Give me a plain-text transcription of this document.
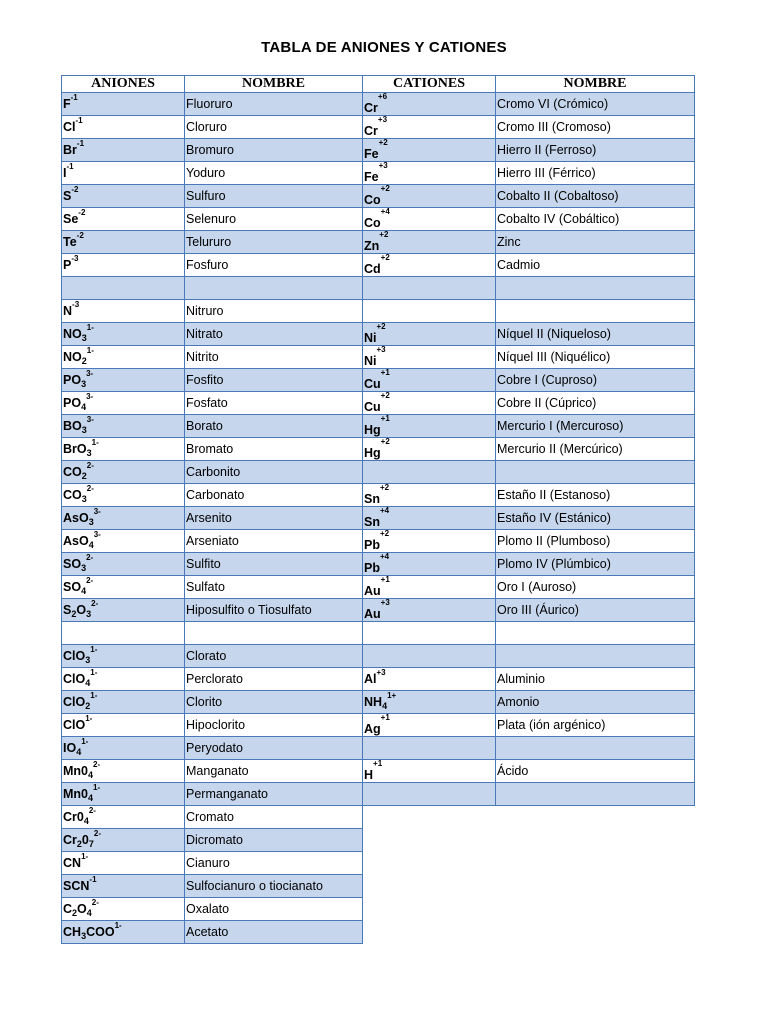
TABLA DE ANIONES Y CATIONES
ANIONES	NOMBRE	CATIONES	NOMBRE
$F^{-1}$	Fluoruro	$Cr^{+6}$	Cromo VI (Crómico)
$Cl^{-1}$	Cloruro	$Cr^{+3}$	Cromo III (Cromoso)
$Br^{-1}$	Bromuro	$Fe^{+2}$	Hierro II (Ferroso)
$I^{-1}$	Yoduro	$Fe^{+3}$	Hierro III (Férrico)
$S^{-2}$	Sulfuro	$Co^{+2}$	Cobalto II (Cobaltoso)
$Se^{-2}$	Selenuro	$Co^{+4}$	Cobalto IV (Cobáltico)
$Te^{-2}$	Telururo	$Zn^{+2}$	Zinc
$P^{-3}$	Fosfuro	$Cd^{+2}$	Cadmio

$N^{-3}$	Nitruro		
$NO_3^{1-}$	Nitrato	$Ni^{+2}$	Níquel II (Niqueloso)
$NO_2^{1-}$	Nitrito	$Ni^{+3}$	Níquel III (Niquélico)
$PO_3^{3-}$	Fosfito	$Cu^{+1}$	Cobre I (Cuproso)
$PO_4^{3-}$	Fosfato	$Cu^{+2}$	Cobre II (Cúprico)
$BO_3^{3-}$	Borato	$Hg^{+1}$	Mercurio I (Mercuroso)
BrO$_3^{1-}$	Bromato	$Hg^{+2}$	Mercurio II (Mercúrico)
$CO_2^{2-}$	Carbonito		
$CO_3^{2-}$	Carbonato	$Sn^{+2}$	Estaño II (Estanoso)
AsO$_3^{3-}$	Arsenito	$Sn^{+4}$	Estaño IV (Estánico)
AsO$_4^{3-}$	Arseniato	$Pb^{+2}$	Plomo II (Plumboso)
$SO_3^{2-}$	Sulfito	$Pb^{+4}$	Plomo IV (Plúmbico)
$SO_4^{2-}$	Sulfato	$Au^{+1}$	Oro I (Auroso)
$S_2O_3^{2-}$	Hiposulfito o Tiosulfato	$Au^{+3}$	Oro III (Áurico)

ClO$_3^{1-}$	Clorato		
ClO$_4^{1-}$	Perclorato	$Al^{+3}$	Aluminio
ClO$_2^{1-}$	Clorito	$NH_4^{1+}$	Amonio
ClO$^{1-}$	Hipoclorito	$Ag^{+1}$	Plata (ión argénico)
$IO_4^{1-}$	Peryodato		
$Mn0_4^{2-}$	Manganato	$H^{+1}$	Ácido
$Mn0_4^{1-}$	Permanganato		
$Cr0_4^{2-}$	Cromato		
$Cr_20_7^{2-}$	Dicromato		
$CN^{1-}$	Cianuro		
$SCN^{-1}$	Sulfocianuro o tiocianato		
$C_2O_4^{2-}$	Oxalato		
$CH_3COO^{1-}$	Acetato		
